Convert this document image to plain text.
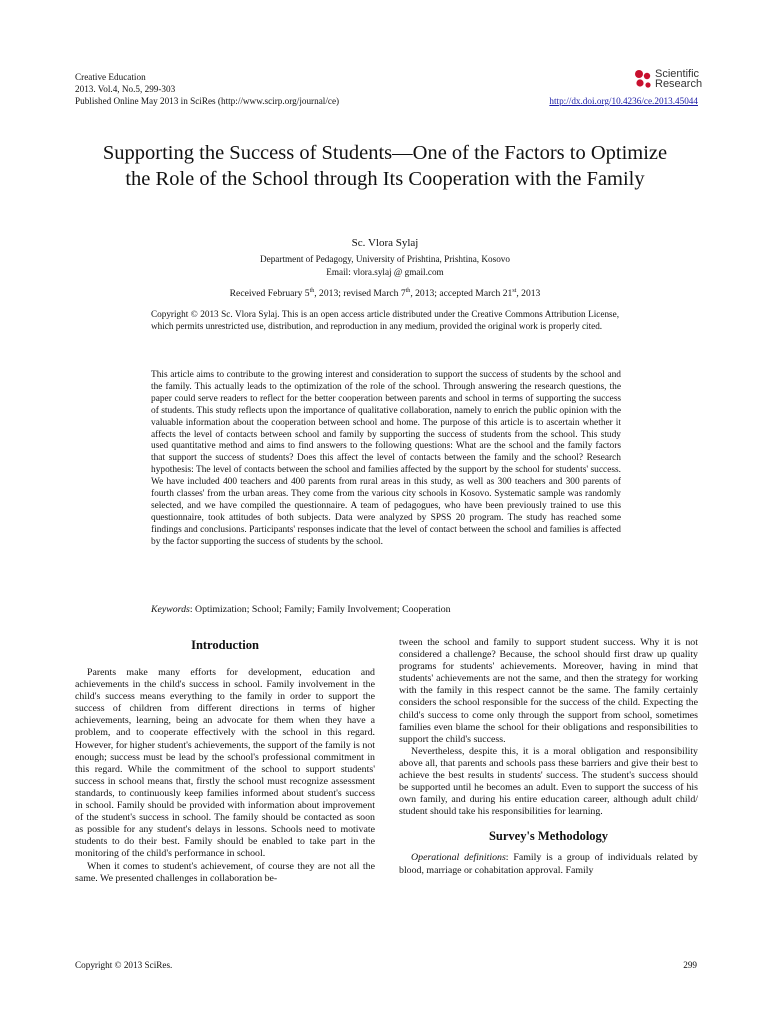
Creative Education
2013. Vol.4, No.5, 299-303
Published Online May 2013 in SciRes (http://www.scirp.org/journal/ce)
Scientific
Research
http://dx.doi.org/10.4236/ce.2013.45044
Supporting the Success of Students—One of the Factors to Optimize the Role of the School through Its Cooperation with the Family
Sc. Vlora Sylaj
Department of Pedagogy, University of Prishtina, Prishtina, Kosovo
Email: vlora.sylaj @ gmail.com
Received February 5th, 2013; revised March 7th, 2013; accepted March 21st, 2013
Copyright © 2013 Sc. Vlora Sylaj. This is an open access article distributed under the Creative Commons Attribution License, which permits unrestricted use, distribution, and reproduction in any medium, provided the original work is properly cited.
This article aims to contribute to the growing interest and consideration to support the success of students by the school and the family. This actually leads to the optimization of the role of the school. Through answering the research questions, the paper could serve readers to reflect for the better cooperation between parents and school in terms of supporting the success of students. This study reflects upon the importance of qualitative collaboration, namely to enrich the public opinion with the valuable information about the cooperation between school and home. The purpose of this article is to ascertain whether it affects the level of contacts between school and family by supporting the success of students from the school. This study used quantitative method and aims to find answers to the following questions: What are the school and the family factors that support the success of students? Does this affect the level of contacts between the family and the school? Research hypothesis: The level of contacts between the school and families affected by the support by the school for students' success. We have included 400 teachers and 400 parents from rural areas in this study, as well as 300 teachers and 300 parents of fourth classes' from the urban areas. They come from the various city schools in Kosovo. Systematic sample was randomly selected, and we have compiled the questionnaire. A team of pedagogues, who have been previously trained to use this questionnaire, took attitudes of both subjects. Data were analyzed by SPSS 20 program. The study has reached some findings and conclusions. Participants' responses indicate that the level of contact between the school and families is affected by the factor supporting the success of students by the school.
Keywords: Optimization; School; Family; Family Involvement; Cooperation
Introduction

Parents make many efforts for development, education and achievements in the child's success in school. Family involvement in the child's success means everything to the family in order to support the success of children from different directions in terms of higher achievements, learning, being an advocate for them when they have a problem, and to cooperate effectively with the school in this regard. However, for higher student's achievements, the support of the family is not enough; success must be lead by the school's professional commitment in this regard. While the commitment of the school to support students' success in school means that, firstly the school must recognize assessment standards, to continuously keep families informed about student's success in school. Family should be provided with information about improvement of the student's success in school. The family should be contacted as soon as possible for any student's delays in lessons. Schools need to motivate students to do their best. Family should be enabled to take part in the monitoring of the child's performance in school.

When it comes to student's achievement, of course they are not all the same. We presented challenges in collaboration be-

tween the school and family to support student success. Why it is not considered a challenge? Because, the school should first draw up quality programs for students' achievements. Moreover, having in mind that students' achievements are not the same, and then the strategy for working with the family in this respect cannot be the same. The family certainly considers the school responsible for the success of the child. Expecting the child's success to come only through the support from school, sometimes families even blame the school for their obligations and responsibilities to support the child's success.

Nevertheless, despite this, it is a moral obligation and responsibility above all, that parents and schools pass these barriers and give their best to achieve the best results in students' success. The student's success should be supported until he becomes an adult. Even to support the success of his own family, and during his entire education career, although adult child/ student should take his responsibilities for learning.

Survey's Methodology

Operational definitions: Family is a group of individuals related by blood, marriage or cohabitation approval. Family

Copyright © 2013 SciRes.	299
